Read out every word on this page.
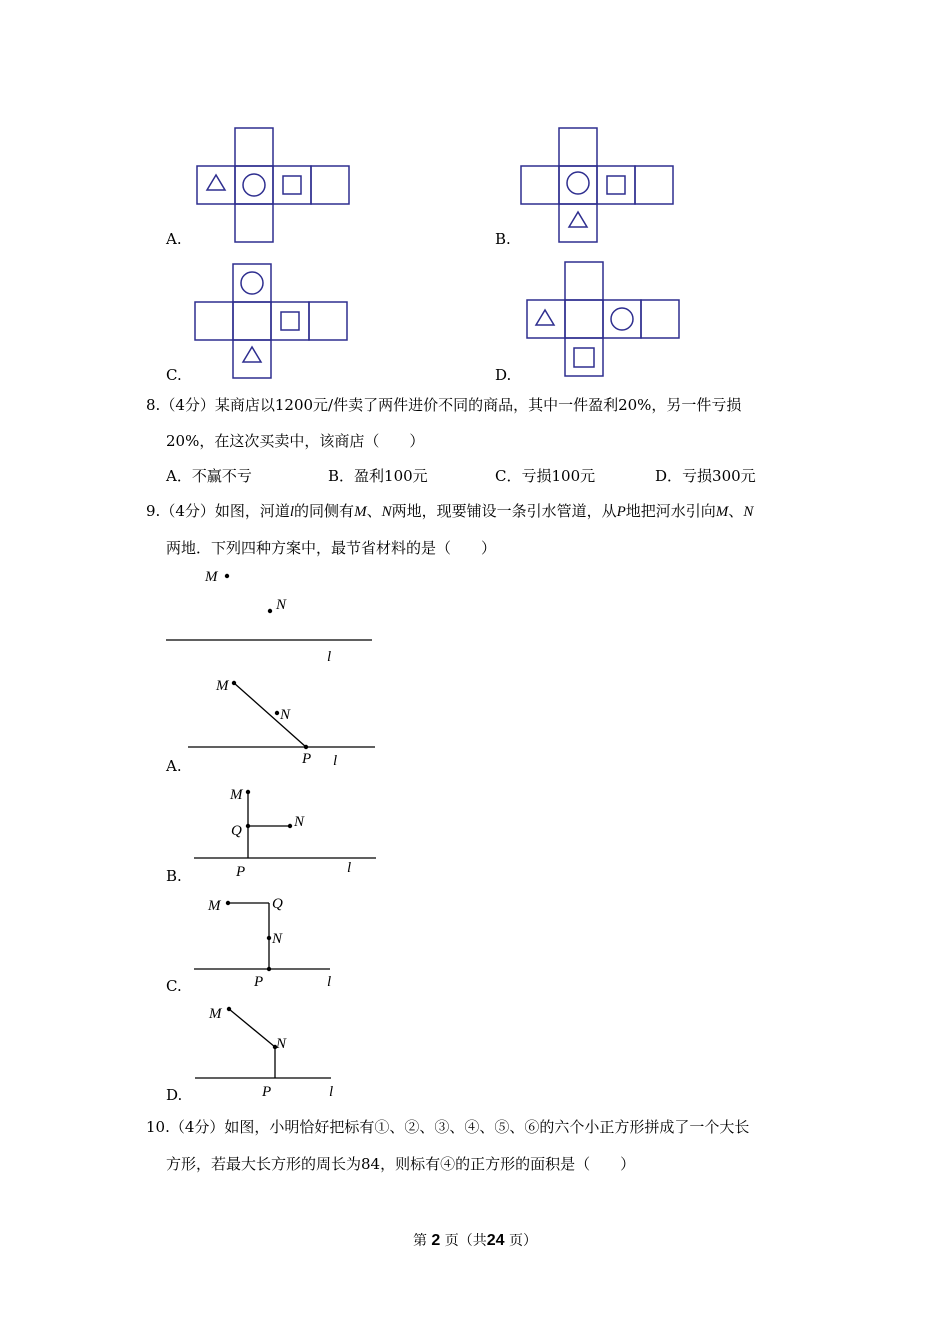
A.	B.
C.	D.
8.（4分）某商店以1200元/件卖了两件进价不同的商品，其中一件盈利20%，另一件亏损
20%，在这次买卖中，该商店（　　）
A．不赢不亏	B．盈利100元	C．亏损100元	D．亏损300元
9.（4分）如图，河道l的同侧有M、N两地，现要铺设一条引水管道，从P地把河水引向M、N
两地．下列四种方案中，最节省材料的是（　　）
M
N
l
M
N
P l
A.
M
Q
N
P	l
B.
M	Q
N
P	l
C.
M
N
P	l
D.
10.（4分）如图，小明恰好把标有①、②、③、④、⑤、⑥的六个小正方形拼成了一个大长
方形，若最大长方形的周长为84，则标有④的正方形的面积是（　　）
第 2 页（共24 页）
